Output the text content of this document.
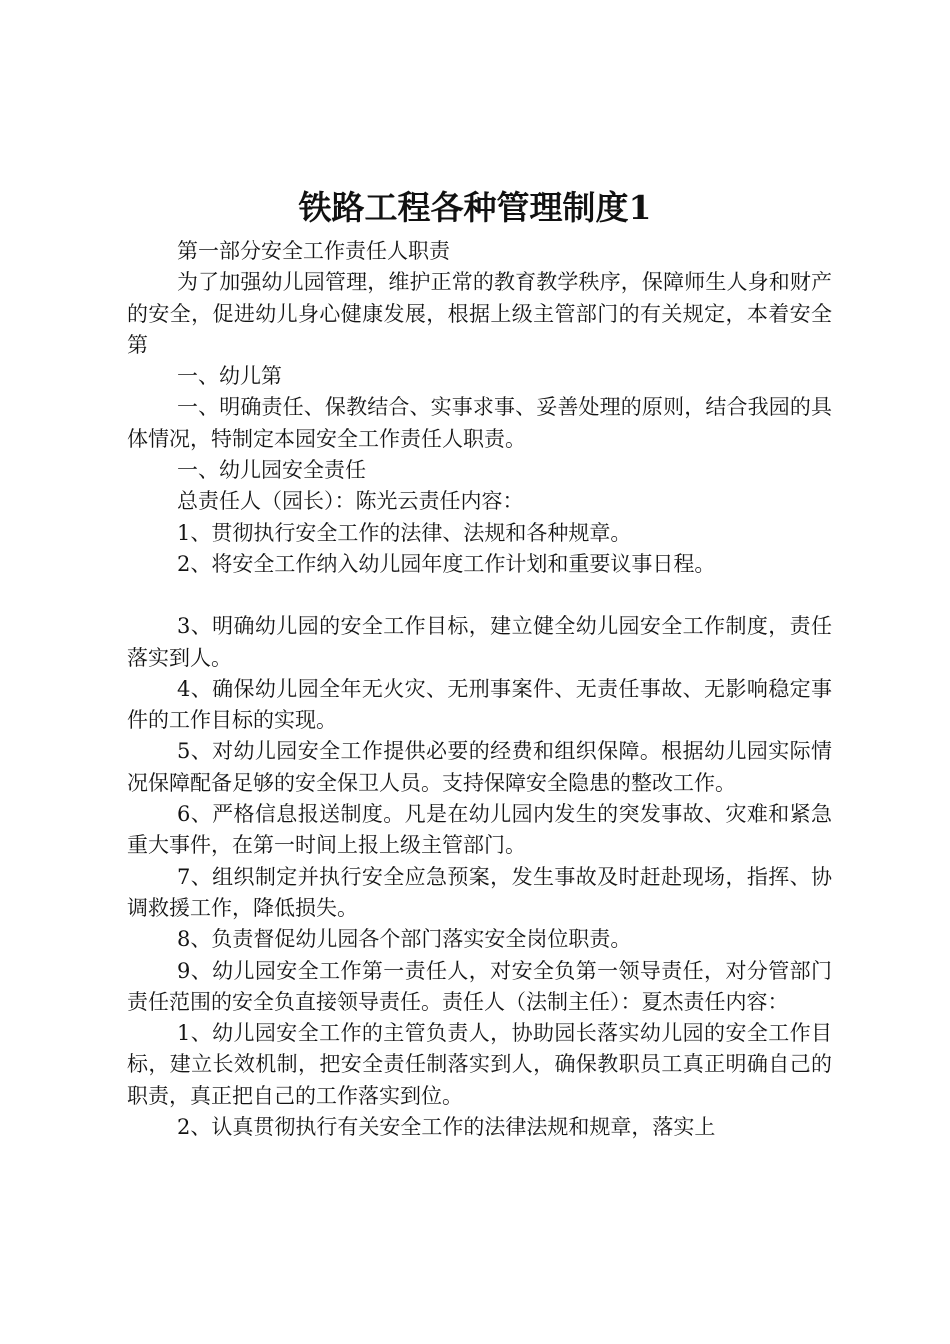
铁路工程各种管理制度1

第一部分安全工作责任人职责

为了加强幼儿园管理，维护正常的教育教学秩序，保障师生人身和财产的安全，促进幼儿身心健康发展，根据上级主管部门的有关规定，本着安全第

一、幼儿第

一、明确责任、保教结合、实事求事、妥善处理的原则，结合我园的具体情况，特制定本园安全工作责任人职责。

一、幼儿园安全责任

总责任人（园长）：陈光云责任内容：

1、贯彻执行安全工作的法律、法规和各种规章。

2、将安全工作纳入幼儿园年度工作计划和重要议事日程。

3、明确幼儿园的安全工作目标，建立健全幼儿园安全工作制度，责任落实到人。

4、确保幼儿园全年无火灾、无刑事案件、无责任事故、无影响稳定事件的工作目标的实现。

5、对幼儿园安全工作提供必要的经费和组织保障。根据幼儿园实际情况保障配备足够的安全保卫人员。支持保障安全隐患的整改工作。

6、严格信息报送制度。凡是在幼儿园内发生的突发事故、灾难和紧急重大事件，在第一时间上报上级主管部门。

7、组织制定并执行安全应急预案，发生事故及时赶赴现场，指挥、协调救援工作，降低损失。

8、负责督促幼儿园各个部门落实安全岗位职责。

9、幼儿园安全工作第一责任人，对安全负第一领导责任，对分管部门责任范围的安全负直接领导责任。责任人（法制主任）：夏杰责任内容：

1、幼儿园安全工作的主管负责人，协助园长落实幼儿园的安全工作目标，建立长效机制，把安全责任制落实到人，确保教职员工真正明确自己的职责，真正把自己的工作落实到位。

2、认真贯彻执行有关安全工作的法律法规和规章，落实上
